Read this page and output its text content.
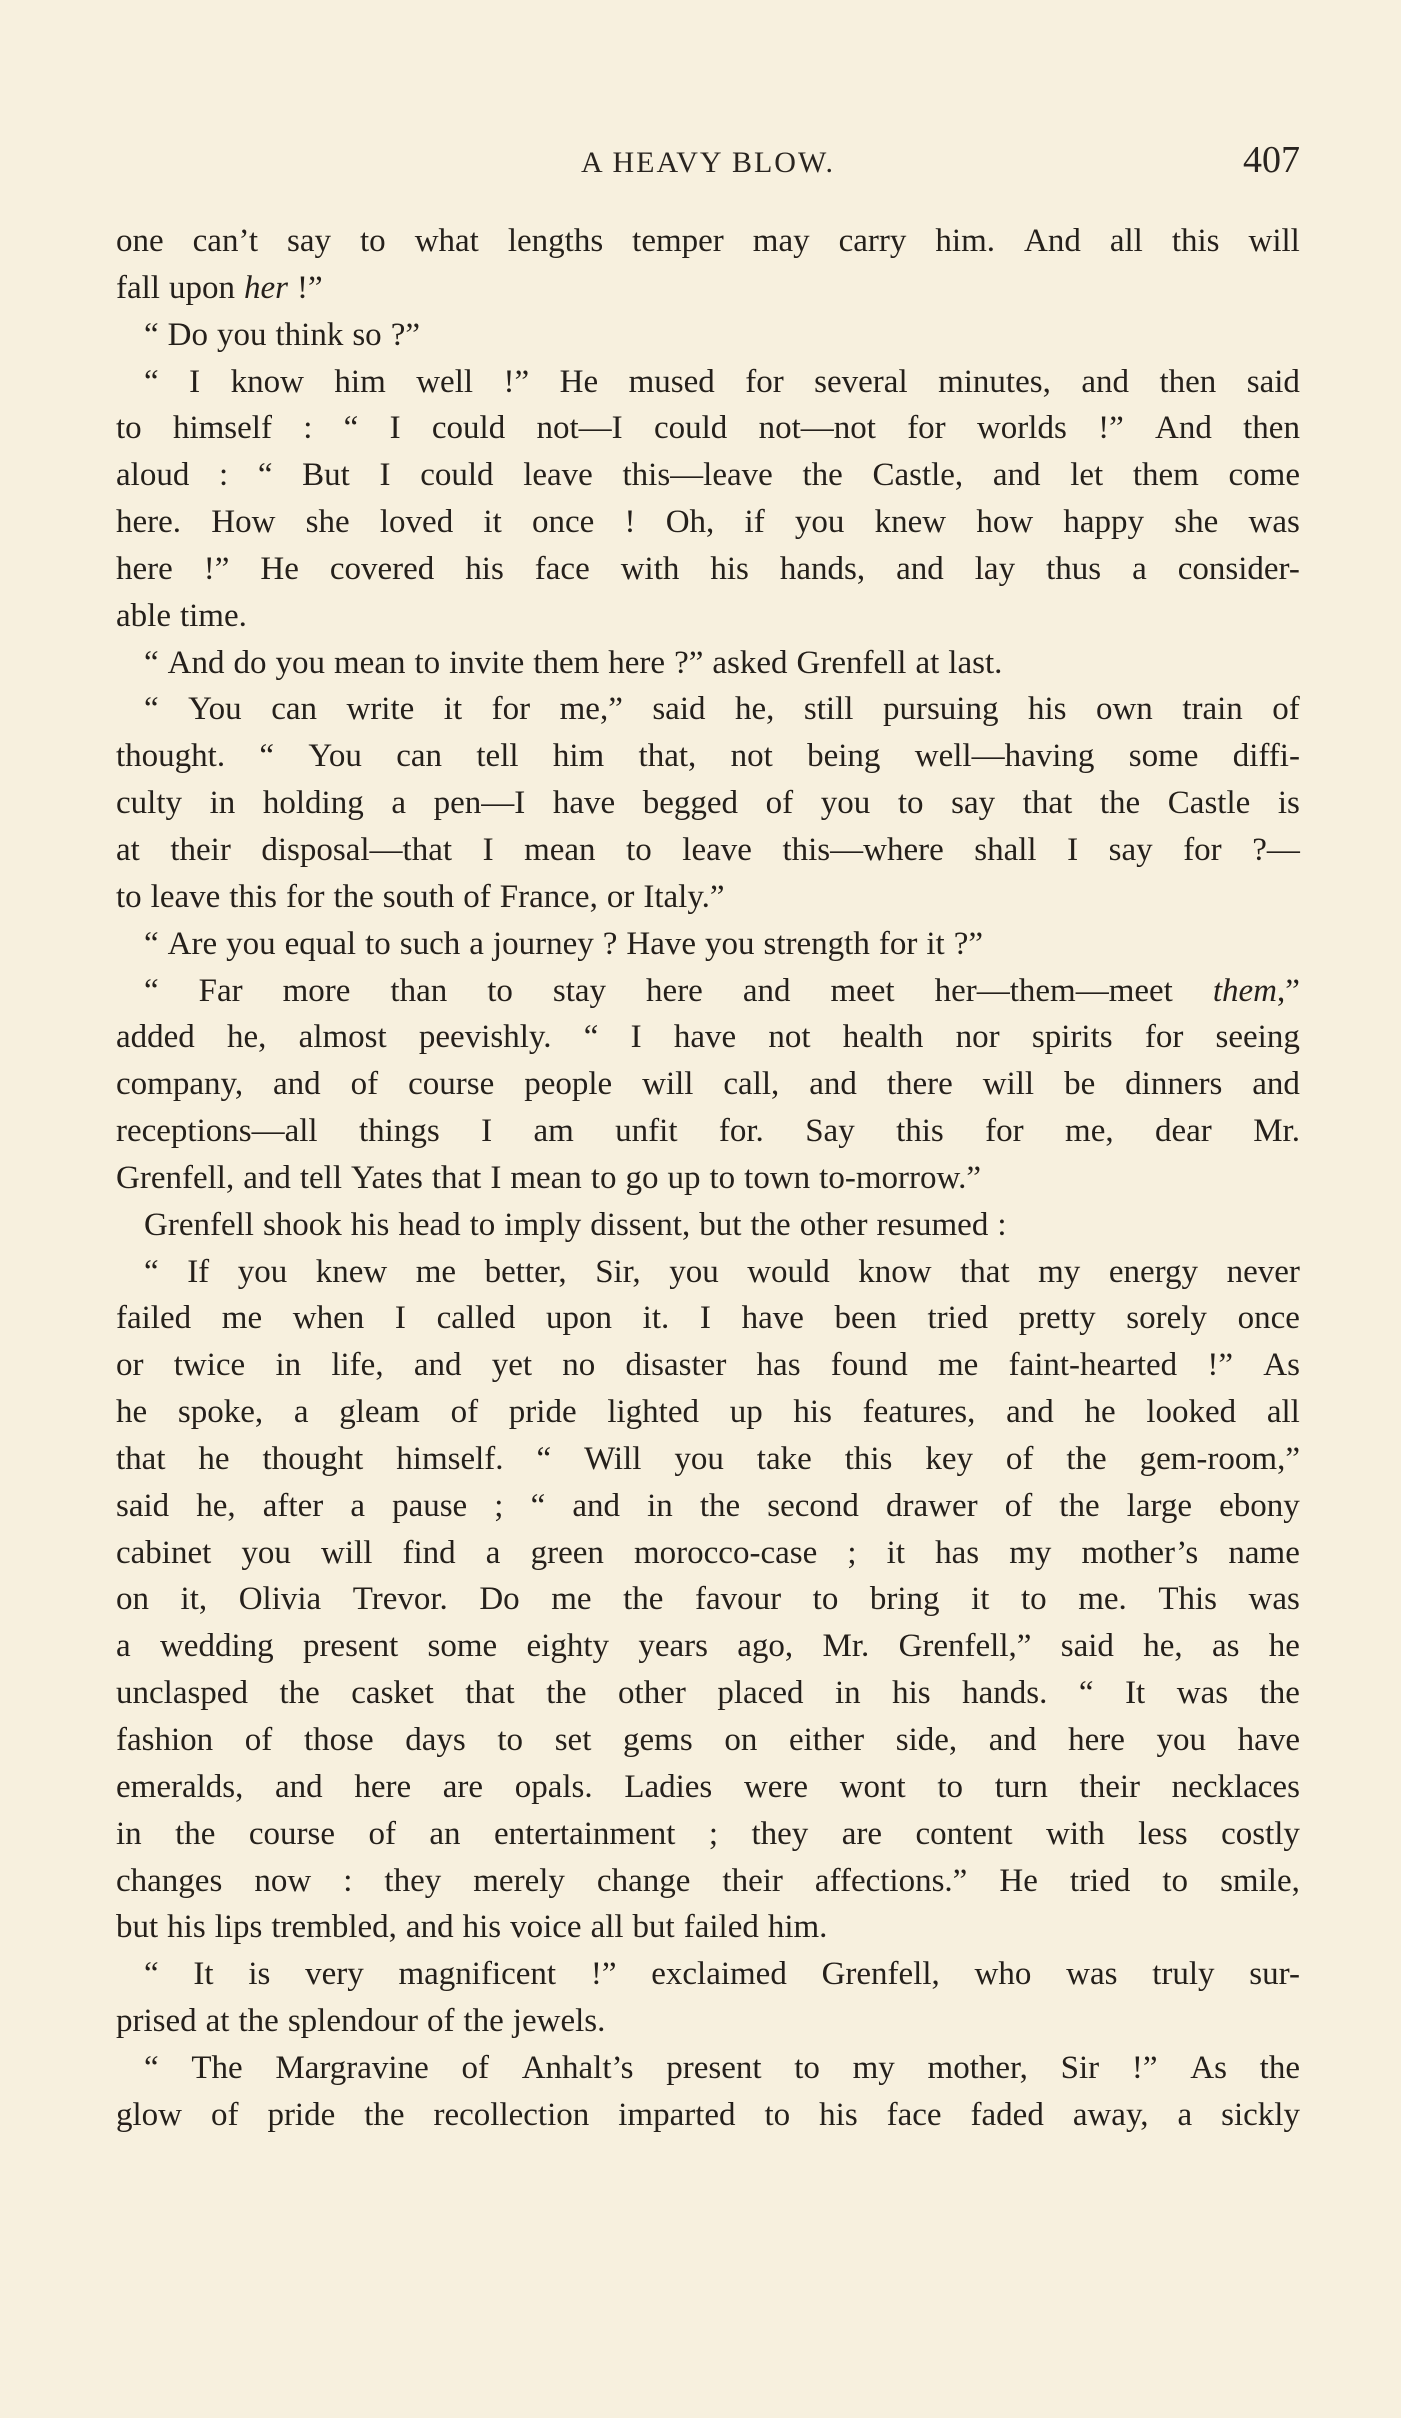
A HEAVY BLOW.	407
one can’t say to what lengths temper may carry him. And all this will
fall upon her !”
“ Do you think so ?”
“ I know him well !” He mused for several minutes, and then said
to himself : “ I could not—I could not—not for worlds !” And then
aloud : “ But I could leave this—leave the Castle, and let them come
here. How she loved it once ! Oh, if you knew how happy she was
here !” He covered his face with his hands, and lay thus a consider-
able time.
“ And do you mean to invite them here ?” asked Grenfell at last.
“ You can write it for me,” said he, still pursuing his own train of
thought. “ You can tell him that, not being well—having some diffi-
culty in holding a pen—I have begged of you to say that the Castle is
at their disposal—that I mean to leave this—where shall I say for ?—
to leave this for the south of France, or Italy.”
“ Are you equal to such a journey ? Have you strength for it ?”
“ Far more than to stay here and meet her—them—meet them,”
added he, almost peevishly. “ I have not health nor spirits for seeing
company, and of course people will call, and there will be dinners and
receptions—all things I am unfit for. Say this for me, dear Mr.
Grenfell, and tell Yates that I mean to go up to town to-morrow.”
Grenfell shook his head to imply dissent, but the other resumed :
“ If you knew me better, Sir, you would know that my energy never
failed me when I called upon it. I have been tried pretty sorely once
or twice in life, and yet no disaster has found me faint-hearted !” As
he spoke, a gleam of pride lighted up his features, and he looked all
that he thought himself. “ Will you take this key of the gem-room,”
said he, after a pause ; “ and in the second drawer of the large ebony
cabinet you will find a green morocco-case ; it has my mother’s name
on it, Olivia Trevor. Do me the favour to bring it to me. This was
a wedding present some eighty years ago, Mr. Grenfell,” said he, as he
unclasped the casket that the other placed in his hands. “ It was the
fashion of those days to set gems on either side, and here you have
emeralds, and here are opals. Ladies were wont to turn their necklaces
in the course of an entertainment ; they are content with less costly
changes now : they merely change their affections.” He tried to smile,
but his lips trembled, and his voice all but failed him.
“ It is very magnificent !” exclaimed Grenfell, who was truly sur-
prised at the splendour of the jewels.
“ The Margravine of Anhalt’s present to my mother, Sir !” As the
glow of pride the recollection imparted to his face faded away, a sickly
